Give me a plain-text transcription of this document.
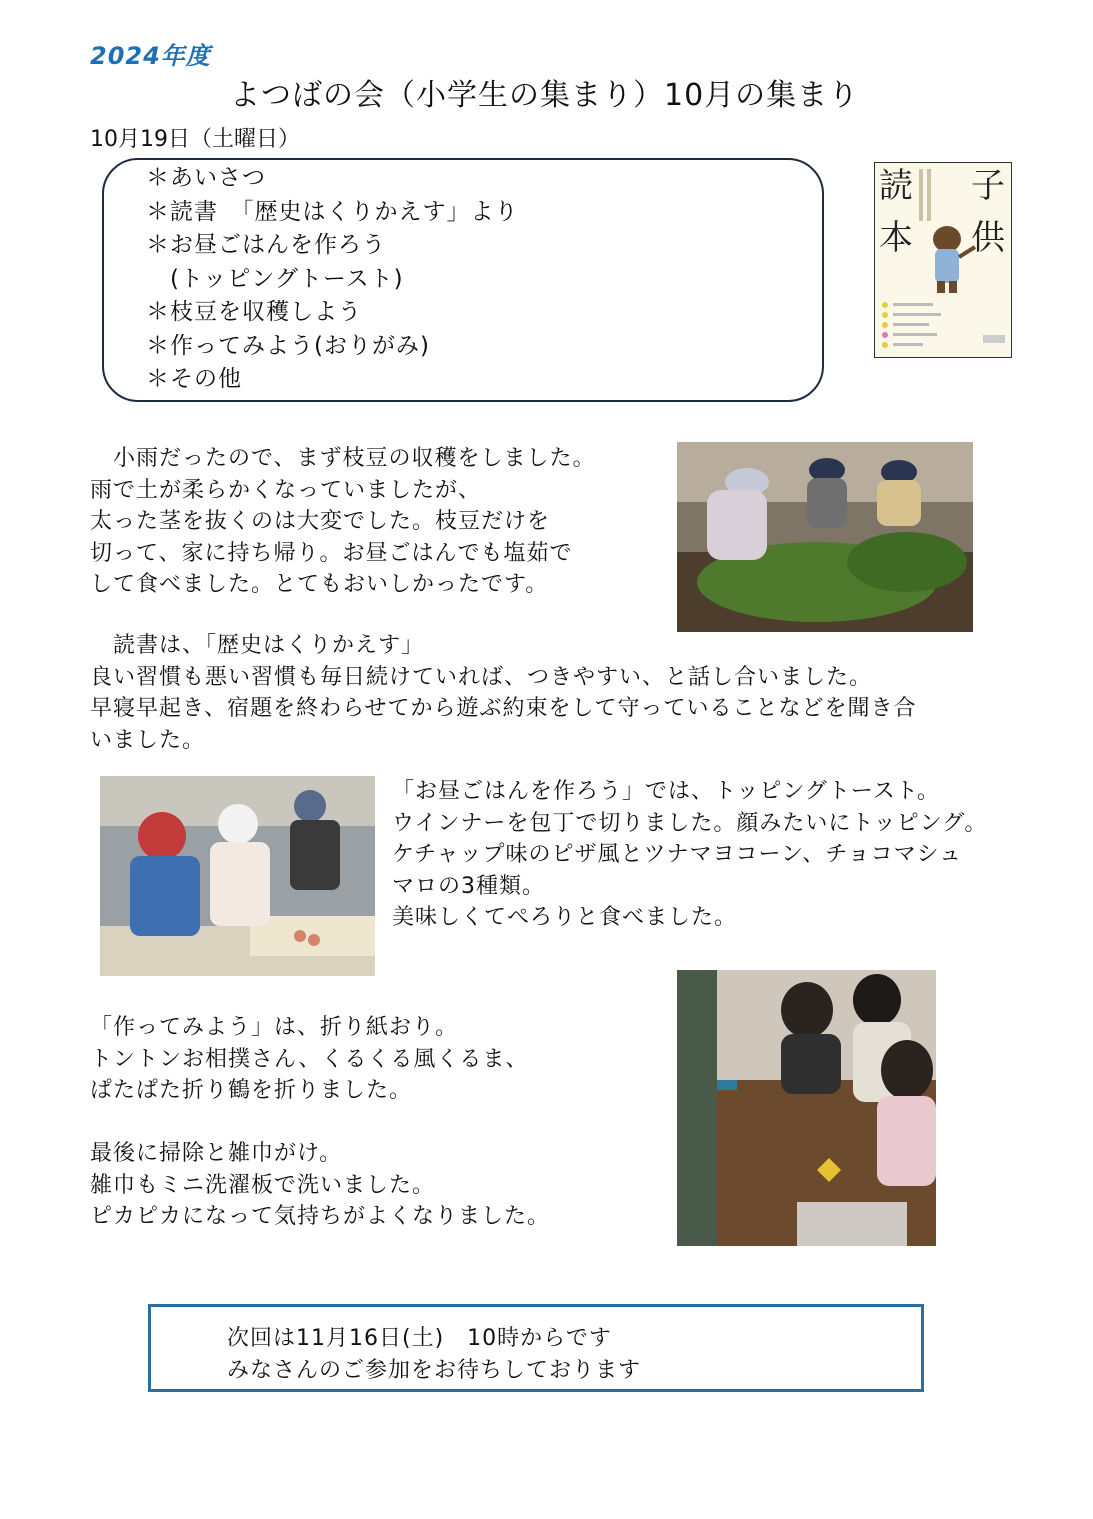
2024年度
よつばの会（小学生の集まり）10月の集まり
10月19日（土曜日）
＊あいさつ
＊読書　「歴史はくりかえす」より
＊お昼ごはんを作ろう
　(トッピングトースト)
＊枝豆を収穫しよう
＊作ってみよう(おりがみ)
＊その他
読
本
子
供
　小雨だったので、まず枝豆の収穫をしました。
雨で土が柔らかくなっていましたが、
太った茎を抜くのは大変でした。枝豆だけを
切って、家に持ち帰り。お昼ごはんでも塩茹で
して食べました。とてもおいしかったです。
　読書は、「歴史はくりかえす」
良い習慣も悪い習慣も毎日続けていれば、つきやすい、と話し合いました。
早寝早起き、宿題を終わらせてから遊ぶ約束をして守っていることなどを聞き合
いました。
「お昼ごはんを作ろう」では、トッピングトースト。
ウインナーを包丁で切りました。顔みたいにトッピング。
ケチャップ味のピザ風とツナマヨコーン、チョコマシュ
マロの3種類。
美味しくてぺろりと食べました。
「作ってみよう」は、折り紙おり。
トントンお相撲さん、くるくる風くるま、
ぱたぱた折り鶴を折りました。

最後に掃除と雑巾がけ。
雑巾もミニ洗濯板で洗いました。
ピカピカになって気持ちがよくなりました。
次回は11月16日(土)　10時からです
みなさんのご参加をお待ちしております
